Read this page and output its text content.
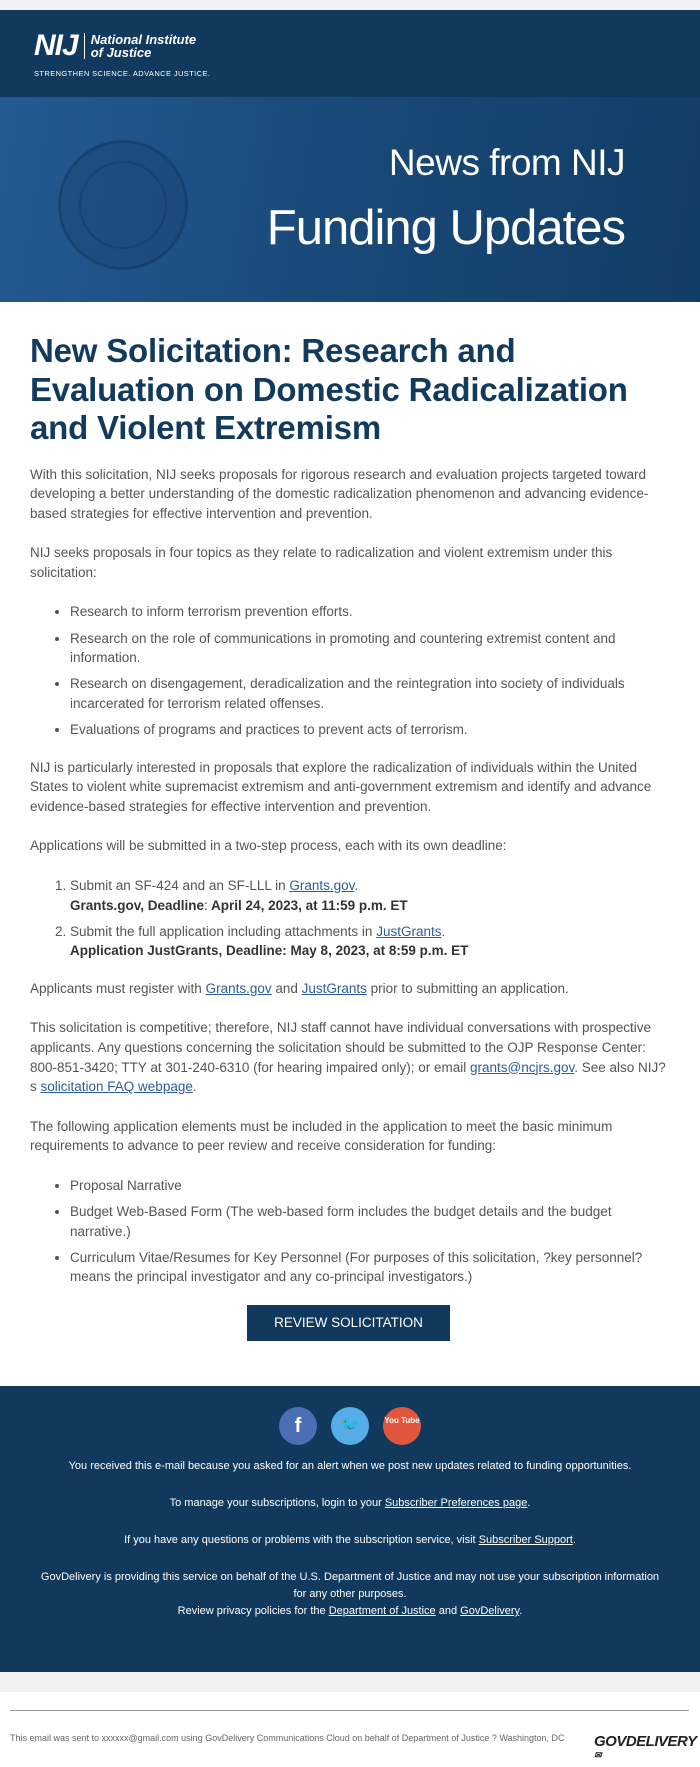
NIJ National Institute
of Justice
STRENGTHEN SCIENCE. ADVANCE JUSTICE.
News from NIJ
Funding Updates
New Solicitation: Research and Evaluation on Domestic Radicalization and Violent Extremism

With this solicitation, NIJ seeks proposals for rigorous research and evaluation projects targeted toward developing a better understanding of the domestic radicalization phenomenon and advancing evidence-based strategies for effective intervention and prevention.

NIJ seeks proposals in four topics as they relate to radicalization and violent extremism under this solicitation:

• Research to inform terrorism prevention efforts.
• Research on the role of communications in promoting and countering extremist content and information.
• Research on disengagement, deradicalization and the reintegration into society of individuals incarcerated for terrorism related offenses.
• Evaluations of programs and practices to prevent acts of terrorism.

NIJ is particularly interested in proposals that explore the radicalization of individuals within the United States to violent white supremacist extremism and anti-government extremism and identify and advance evidence-based strategies for effective intervention and prevention.

Applications will be submitted in a two-step process, each with its own deadline:

1. Submit an SF-424 and an SF-LLL in Grants.gov.
Grants.gov, Deadline: April 24, 2023, at 11:59 p.m. ET
2. Submit the full application including attachments in JustGrants.
Application JustGrants, Deadline: May 8, 2023, at 8:59 p.m. ET

Applicants must register with Grants.gov and JustGrants prior to submitting an application.

This solicitation is competitive; therefore, NIJ staff cannot have individual conversations with prospective applicants. Any questions concerning the solicitation should be submitted to the OJP Response Center: 800-851-3420; TTY at 301-240-6310 (for hearing impaired only); or email grants@ncjrs.gov. See also NIJ?s solicitation FAQ webpage.

The following application elements must be included in the application to meet the basic minimum requirements to advance to peer review and receive consideration for funding:

• Proposal Narrative
• Budget Web-Based Form (The web-based form includes the budget details and the budget narrative.)
• Curriculum Vitae/Resumes for Key Personnel (For purposes of this solicitation, ?key personnel? means the principal investigator and any co-principal investigators.)
REVIEW SOLICITATION
f 🐦	You Tube

You received this e-mail because you asked for an alert when we post new updates related to funding opportunities.

To manage your subscriptions, login to your Subscriber Preferences page.

If you have any questions or problems with the subscription service, visit Subscriber Support.

GovDelivery is providing this service on behalf of the U.S. Department of Justice and may not use your subscription information for any other purposes.

Review privacy policies for the Department of Justice and GovDelivery.

This email was sent to xxxxxx@gmail.com using GovDelivery Communications Cloud on behalf of Department of Justice ? Washington, DC	GOVDELIVERY✉
